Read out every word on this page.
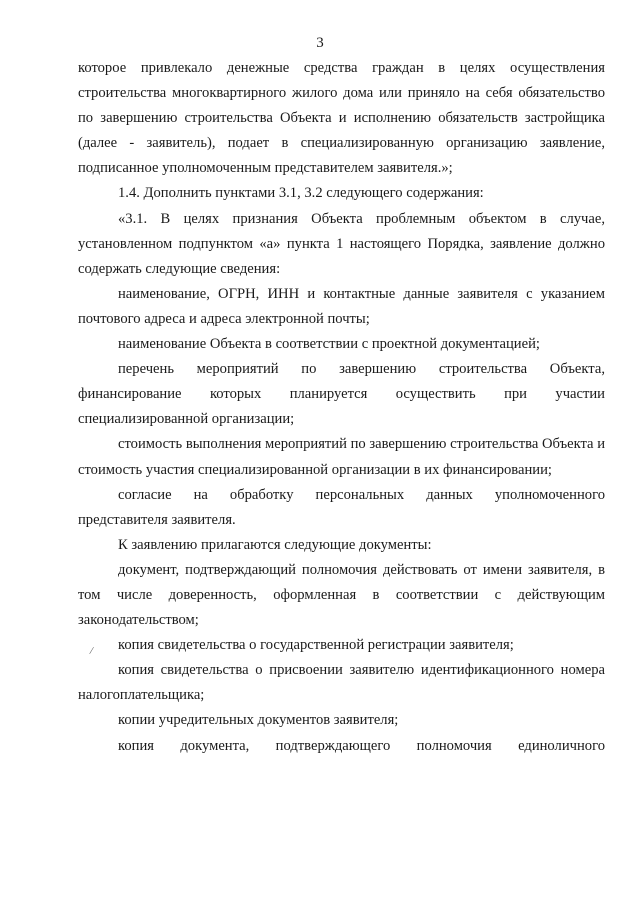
3

которое привлекало денежные средства граждан в целях осуществления строительства многоквартирного жилого дома или приняло на себя обязательство по завершению строительства Объекта и исполнению обязательств застройщика (далее - заявитель), подает в специализированную организацию заявление, подписанное уполномоченным представителем заявителя.»;

1.4. Дополнить пунктами 3.1, 3.2 следующего содержания:

«3.1. В целях признания Объекта проблемным объектом в случае, установленном подпунктом «а» пункта 1 настоящего Порядка, заявление должно содержать следующие сведения:

наименование, ОГРН, ИНН и контактные данные заявителя с указанием почтового адреса и адреса электронной почты;

наименование Объекта в соответствии с проектной документацией;

перечень мероприятий по завершению строительства Объекта, финансирование которых планируется осуществить при участии специализированной организации;

стоимость выполнения мероприятий по завершению строительства Объекта и стоимость участия специализированной организации в их финансировании;

согласие на обработку персональных данных уполномоченного представителя заявителя.

К заявлению прилагаются следующие документы:

документ, подтверждающий полномочия действовать от имени заявителя, в том числе доверенность, оформленная в соответствии с действующим законодательством;

копия свидетельства о государственной регистрации заявителя;

копия свидетельства о присвоении заявителю идентификационного номера налогоплательщика;

копии учредительных документов заявителя;

копия документа, подтверждающего полномочия единоличного

/
